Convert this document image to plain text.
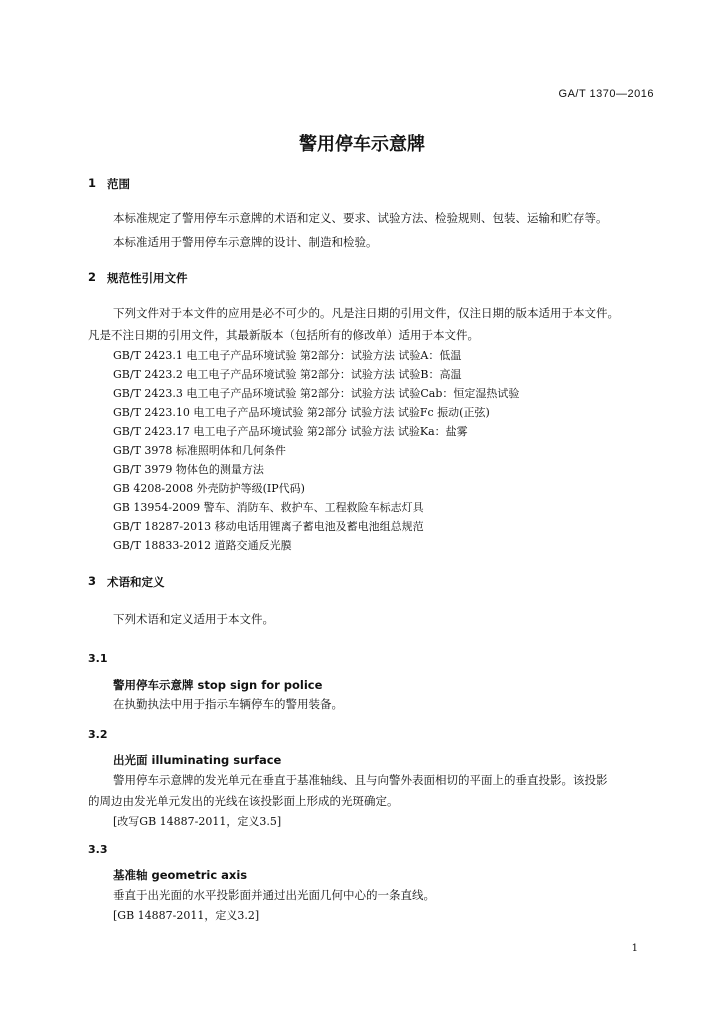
GA/T 1370—2016
警用停车示意牌
1 范围
本标准规定了警用停车示意牌的术语和定义、要求、试验方法、检验规则、包装、运输和贮存等。
本标准适用于警用停车示意牌的设计、制造和检验。
2 规范性引用文件
下列文件对于本文件的应用是必不可少的。凡是注日期的引用文件，仅注日期的版本适用于本文件。
凡是不注日期的引用文件，其最新版本（包括所有的修改单）适用于本文件。
GB/T 2423.1 电工电子产品环境试验 第2部分：试验方法 试验A：低温
GB/T 2423.2 电工电子产品环境试验 第2部分：试验方法 试验B：高温
GB/T 2423.3 电工电子产品环境试验 第2部分：试验方法 试验Cab：恒定湿热试验
GB/T 2423.10 电工电子产品环境试验 第2部分 试验方法 试验Fc 振动(正弦)
GB/T 2423.17 电工电子产品环境试验 第2部分 试验方法 试验Ka：盐雾
GB/T 3978 标准照明体和几何条件
GB/T 3979 物体色的测量方法
GB 4208-2008 外壳防护等级(IP代码)
GB 13954-2009 警车、消防车、救护车、工程救险车标志灯具
GB/T 18287-2013 移动电话用锂离子蓄电池及蓄电池组总规范
GB/T 18833-2012 道路交通反光膜
3 术语和定义
下列术语和定义适用于本文件。
3.1
警用停车示意牌 stop sign for police
在执勤执法中用于指示车辆停车的警用装备。
3.2
出光面 illuminating surface
警用停车示意牌的发光单元在垂直于基准轴线、且与向警外表面相切的平面上的垂直投影。该投影
的周边由发光单元发出的光线在该投影面上形成的光斑确定。
[改写GB 14887-2011，定义3.5]
3.3
基准轴 geometric axis
垂直于出光面的水平投影面并通过出光面几何中心的一条直线。
[GB 14887-2011，定义3.2]
1
